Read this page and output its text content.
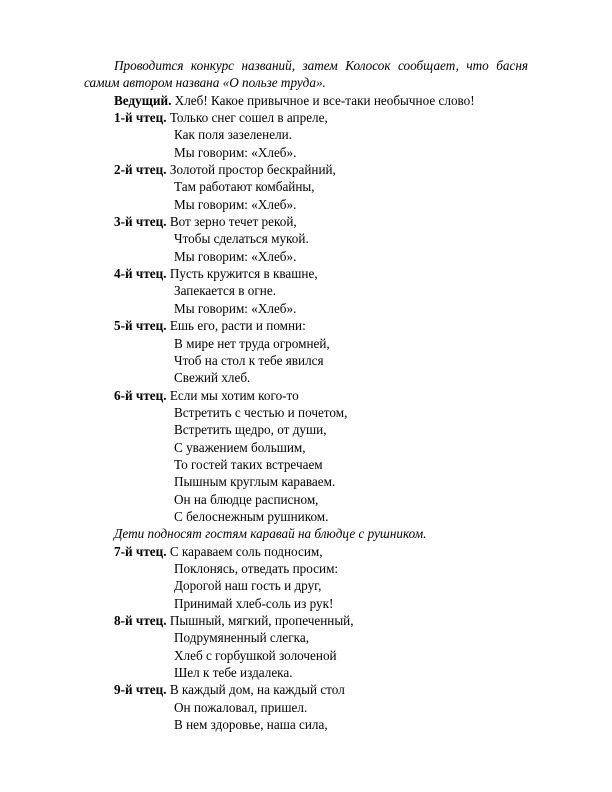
Проводится конкурс названий, затем Колосок сообщает, что басня самим автором названа «О пользе труда».

Ведущий. Хлеб! Какое привычное и все-таки необычное слово!

1-й чтец. Только снег сошел в апреле,

Как поля зазеленели.

Мы говорим: «Хлеб».

2-й чтец. Золотой простор бескрайний,

Там работают комбайны,

Мы говорим: «Хлеб».

3-й чтец. Вот зерно течет рекой,

Чтобы сделаться мукой.

Мы говорим: «Хлеб».

4-й чтец. Пусть кружится в квашне,

Запекается в огне.

Мы говорим: «Хлеб».

5-й чтец. Ешь его, расти и помни:

В мире нет труда огромней,

Чтоб на стол к тебе явился

Свежий хлеб.

6-й чтец. Если мы хотим кого-то

Встретить с честью и почетом,

Встретить щедро, от души,

С уважением большим,

То гостей таких встречаем

Пышным круглым караваем.

Он на блюдце расписном,

С белоснежным рушником.

Дети подносят гостям каравай на блюдце с рушником.

7-й чтец. С караваем соль подносим,

Поклонясь, отведать просим:

Дорогой наш гость и друг,

Принимай хлеб-соль из рук!

8-й чтец. Пышный, мягкий, пропеченный,

Подрумяненный слегка,

Хлеб с горбушкой золоченой

Шел к тебе издалека.

9-й чтец. В каждый дом, на каждый стол

Он пожаловал, пришел.

В нем здоровье, наша сила,
